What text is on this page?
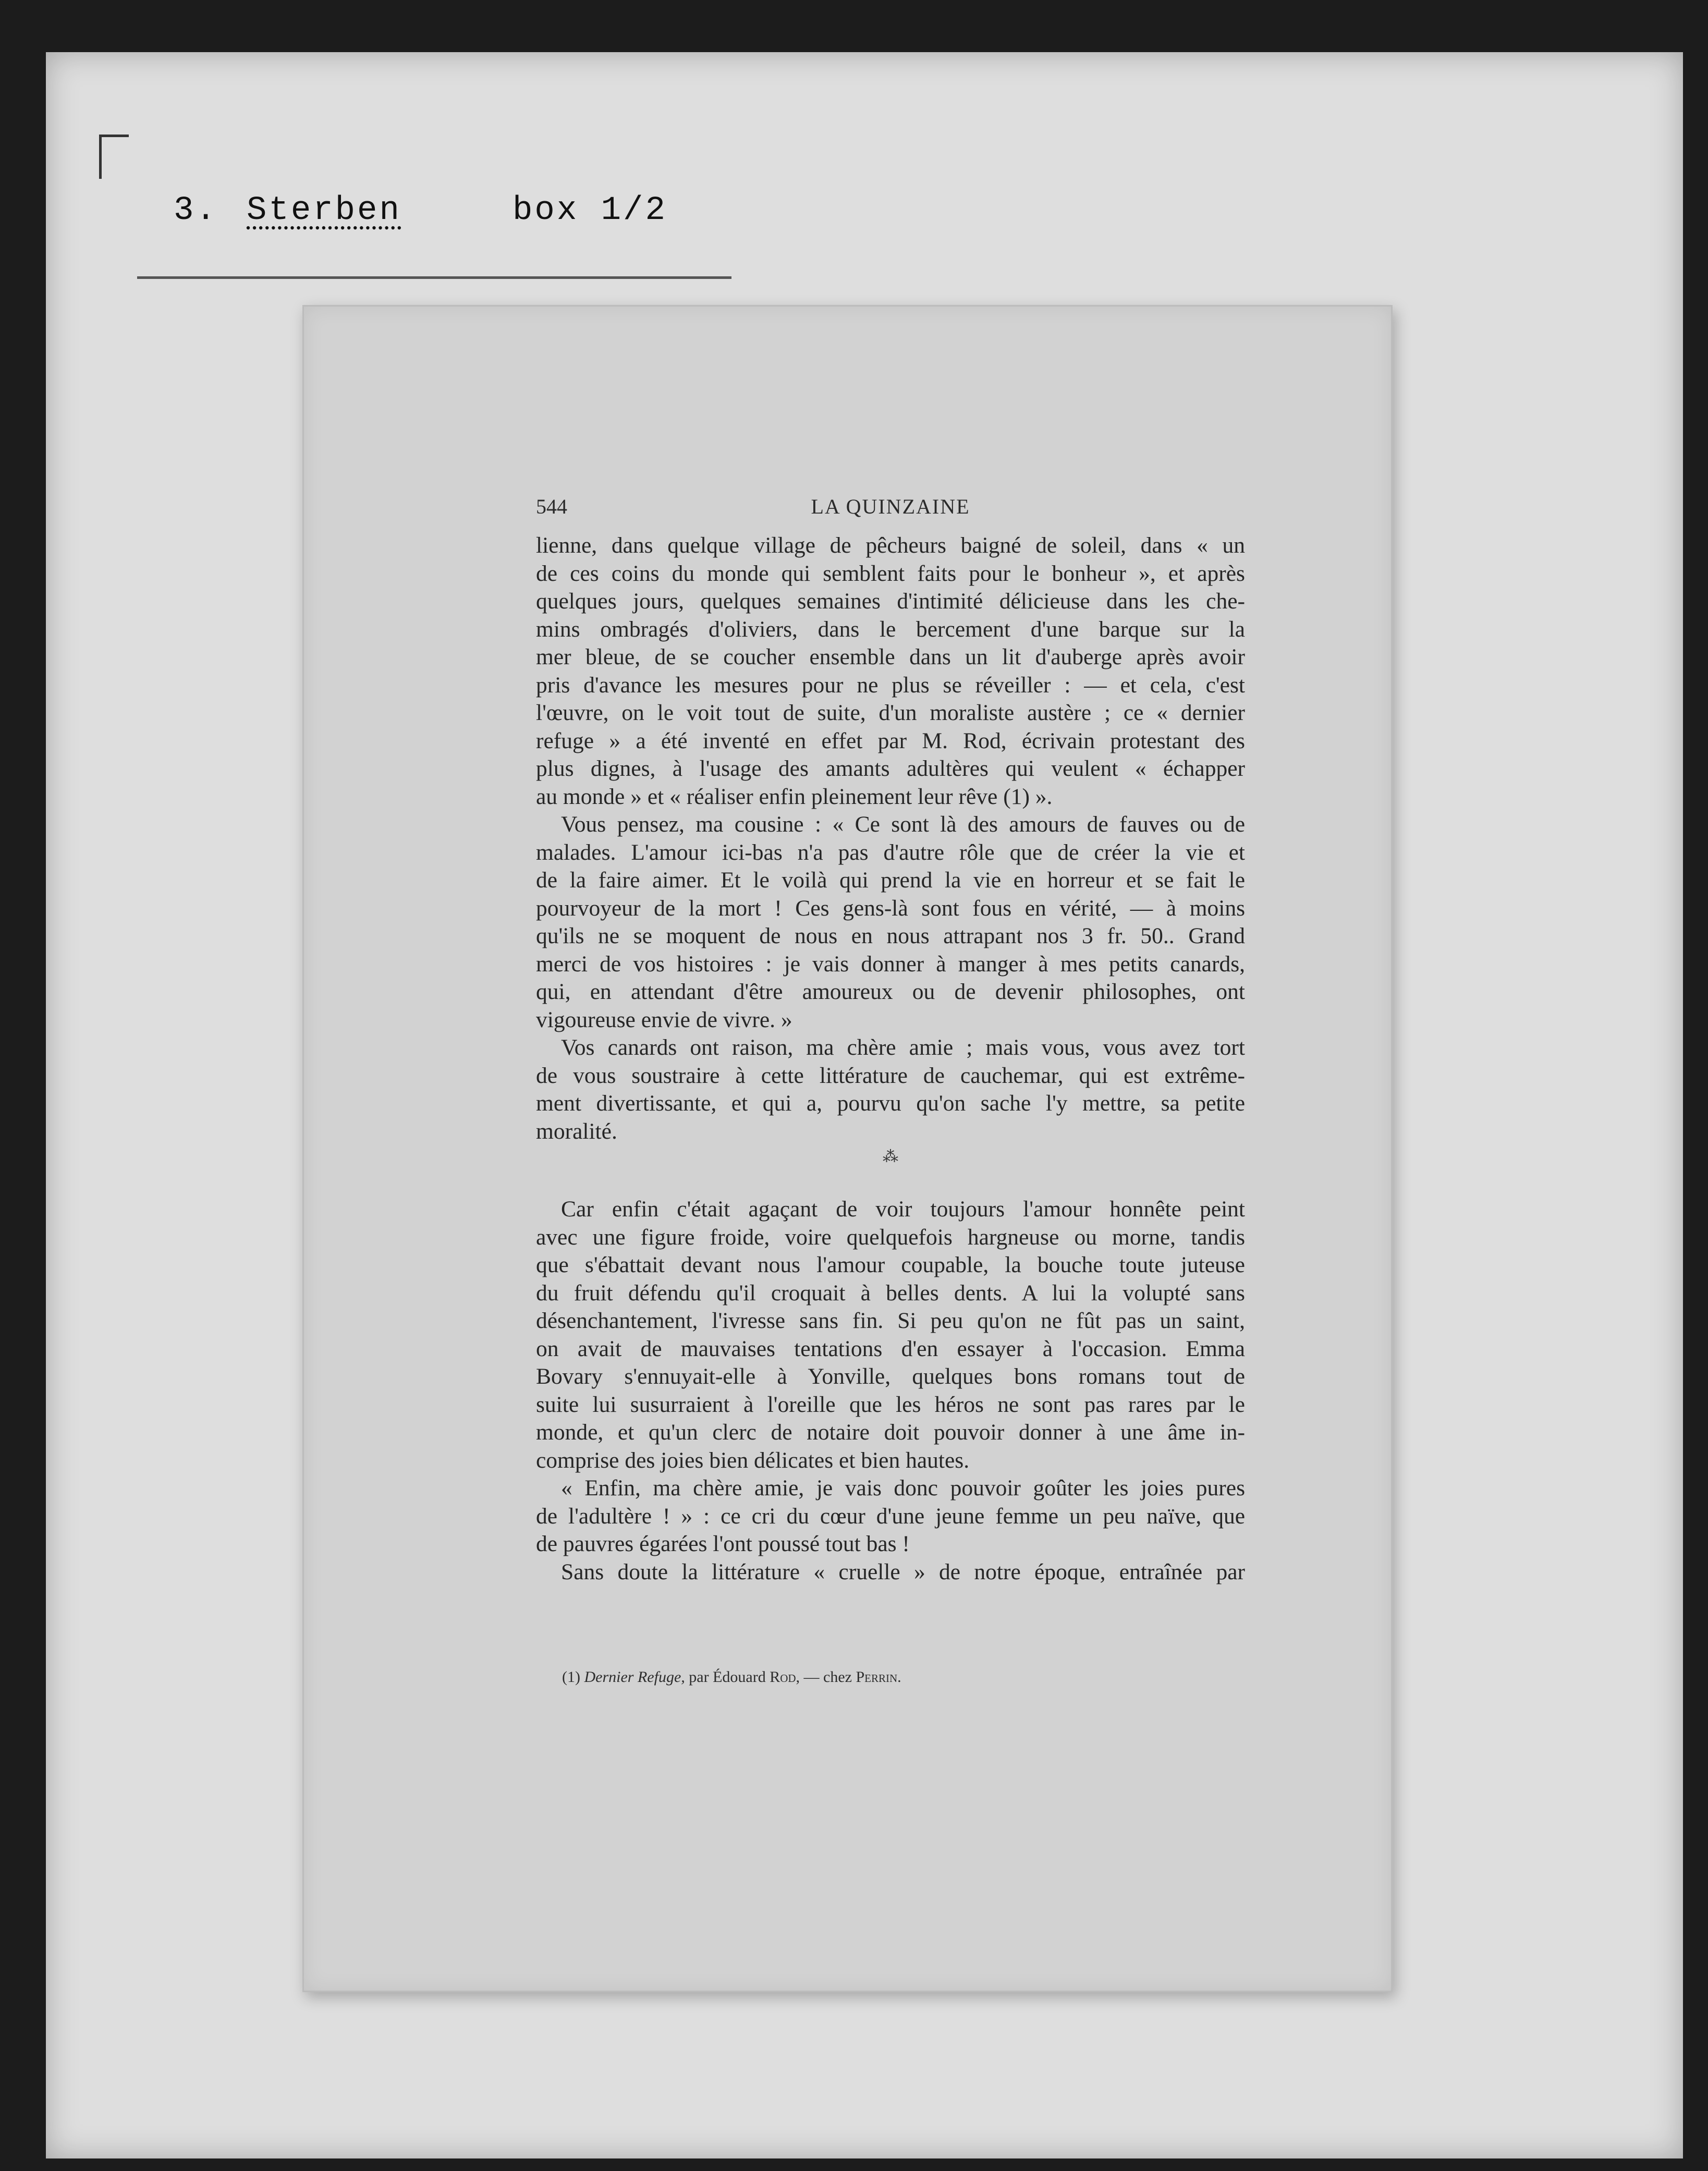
3. Sterben	box 1/2
544	LA QUINZAINE
lienne, dans quelque village de pêcheurs baigné de soleil, dans « un
de ces coins du monde qui semblent faits pour le bonheur », et après
quelques jours, quelques semaines d'intimité délicieuse dans les che-
mins ombragés d'oliviers, dans le bercement d'une barque sur la
mer bleue, de se coucher ensemble dans un lit d'auberge après avoir
pris d'avance les mesures pour ne plus se réveiller : — et cela, c'est
l'œuvre, on le voit tout de suite, d'un moraliste austère ; ce « dernier
refuge » a été inventé en effet par M. Rod, écrivain protestant des
plus dignes, à l'usage des amants adultères qui veulent « échapper
au monde » et « réaliser enfin pleinement leur rêve (1) ».
Vous pensez, ma cousine : « Ce sont là des amours de fauves ou de
malades. L'amour ici-bas n'a pas d'autre rôle que de créer la vie et
de la faire aimer. Et le voilà qui prend la vie en horreur et se fait le
pourvoyeur de la mort ! Ces gens-là sont fous en vérité, — à moins
qu'ils ne se moquent de nous en nous attrapant nos 3 fr. 50.. Grand
merci de vos histoires : je vais donner à manger à mes petits canards,
qui, en attendant d'être amoureux ou de devenir philosophes, ont
vigoureuse envie de vivre. »
Vos canards ont raison, ma chère amie ; mais vous, vous avez tort
de vous soustraire à cette littérature de cauchemar, qui est extrême-
ment divertissante, et qui a, pourvu qu'on sache l'y mettre, sa petite
moralité.
⁂
Car enfin c'était agaçant de voir toujours l'amour honnête peint
avec une figure froide, voire quelquefois hargneuse ou morne, tandis
que s'ébattait devant nous l'amour coupable, la bouche toute juteuse
du fruit défendu qu'il croquait à belles dents. A lui la volupté sans
désenchantement, l'ivresse sans fin. Si peu qu'on ne fût pas un saint,
on avait de mauvaises tentations d'en essayer à l'occasion. Emma
Bovary s'ennuyait-elle à Yonville, quelques bons romans tout de
suite lui susurraient à l'oreille que les héros ne sont pas rares par le
monde, et qu'un clerc de notaire doit pouvoir donner à une âme in-
comprise des joies bien délicates et bien hautes.
« Enfin, ma chère amie, je vais donc pouvoir goûter les joies pures
de l'adultère ! » : ce cri du cœur d'une jeune femme un peu naïve, que
de pauvres égarées l'ont poussé tout bas !
Sans doute la littérature « cruelle » de notre époque, entraînée par
(1) Dernier Refuge, par Édouard Rod, — chez Perrin.
